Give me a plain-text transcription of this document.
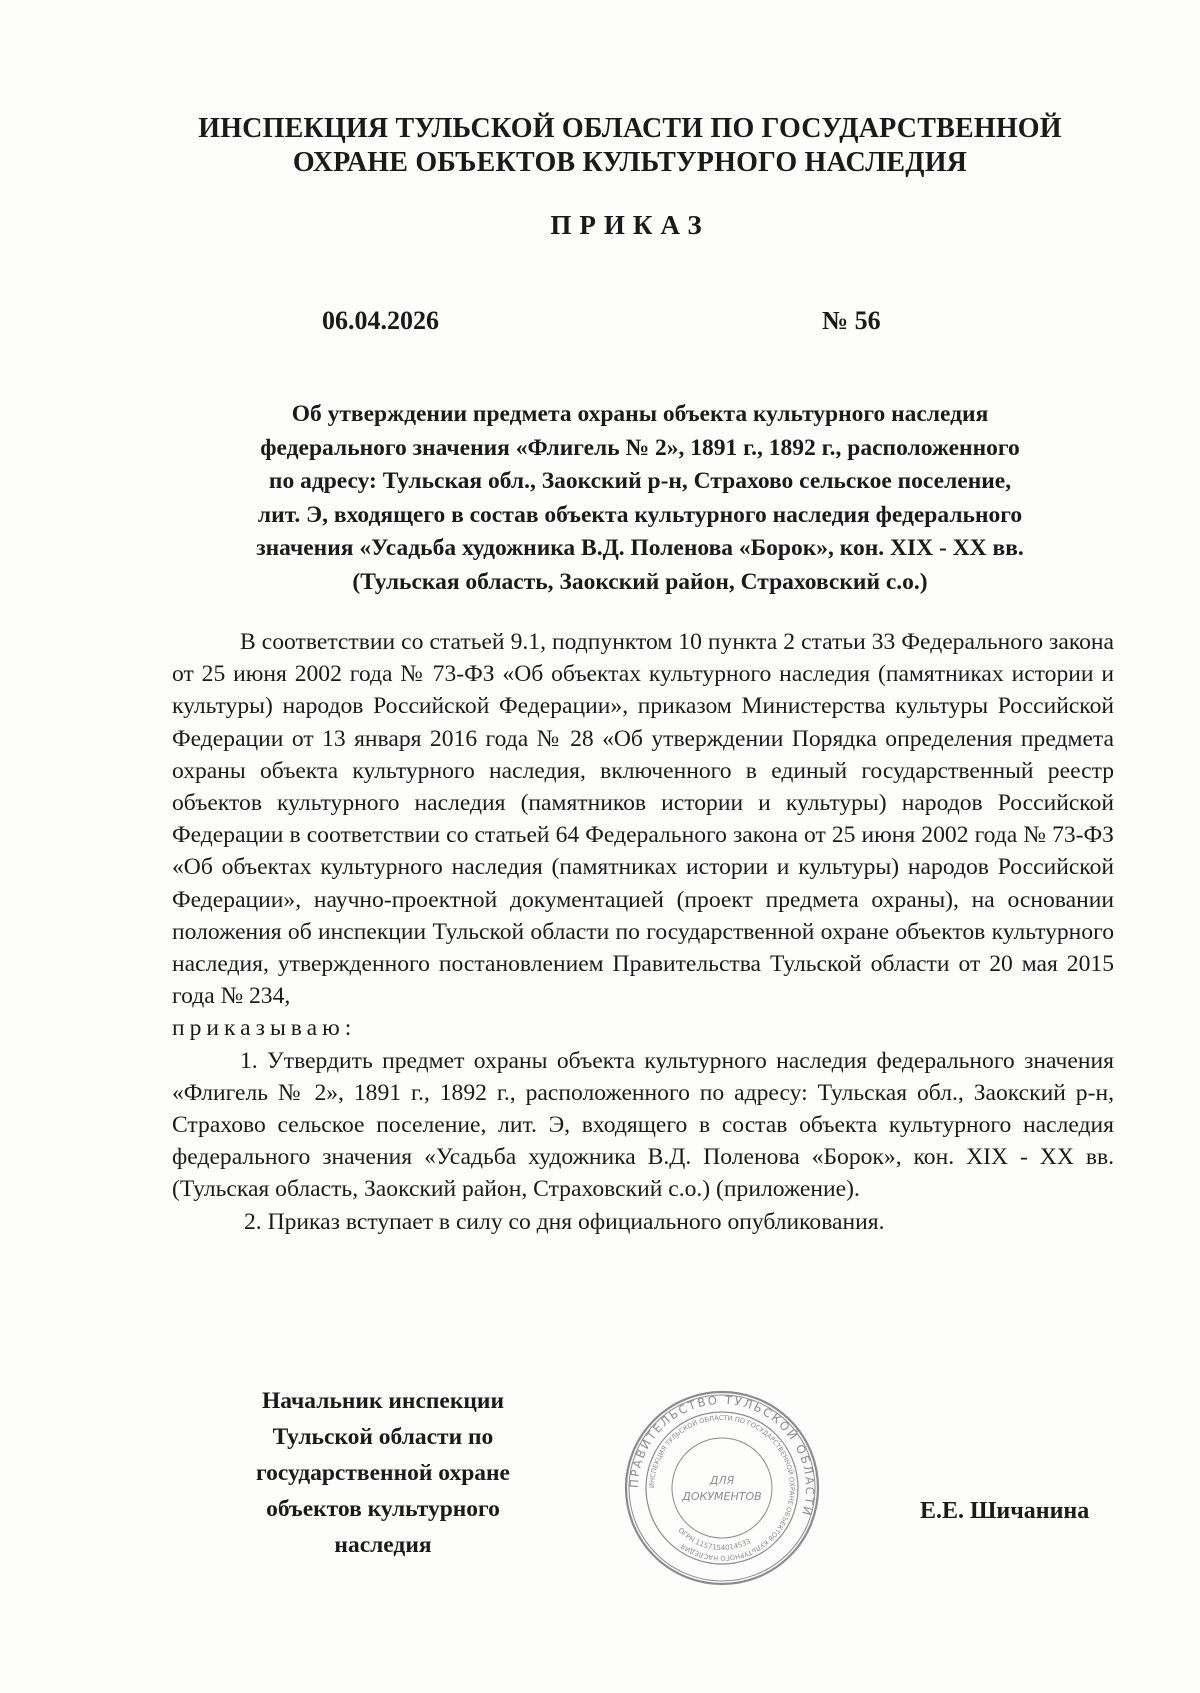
ИНСПЕКЦИЯ ТУЛЬСКОЙ ОБЛАСТИ ПО ГОСУДАРСТВЕННОЙ
ОХРАНЕ ОБЪЕКТОВ КУЛЬТУРНОГО НАСЛЕДИЯ
ПРИКАЗ
06.04.2026	№ 56
Об утверждении предмета охраны объекта культурного наследия
федерального значения «Флигель № 2», 1891 г., 1892 г., расположенного
по адресу: Тульская обл., Заокский р-н, Страхово сельское поселение,
лит. Э, входящего в состав объекта культурного наследия федерального
значения «Усадьба художника В.Д. Поленова «Борок», кон. XIX - XX вв.
(Тульская область, Заокский район, Страховский с.о.)

В соответствии со статьей 9.1, подпунктом 10 пункта 2 статьи 33 Федерального закона от 25 июня 2002 года № 73-ФЗ «Об объектах культурного наследия (памятниках истории и культуры) народов Российской Федерации», приказом Министерства культуры Российской Федерации от 13 января 2016 года № 28 «Об утверждении Порядка определения предмета охраны объекта культурного наследия, включенного в единый государственный реестр объектов культурного наследия (памятников истории и культуры) народов Российской Федерации в соответствии со статьей 64 Федерального закона от 25 июня 2002 года № 73-ФЗ «Об объектах культурного наследия (памятниках истории и культуры) народов Российской Федерации», научно-проектной документацией (проект предмета охраны), на основании положения об инспекции Тульской области по государственной охране объектов культурного наследия, утвержденного постановлением Правительства Тульской области от 20 мая 2015 года № 234,

приказываю:

1. Утвердить предмет охраны объекта культурного наследия федерального значения «Флигель № 2», 1891 г., 1892 г., расположенного по адресу: Тульская обл., Заокский р-н, Страхово сельское поселение, лит. Э, входящего в состав объекта культурного наследия федерального значения «Усадьба художника В.Д. Поленова «Борок», кон. XIX - XX вв. (Тульская область, Заокский район, Страховский с.о.) (приложение).

2. Приказ вступает в силу со дня официального опубликования.

Начальник инспекции
Тульской области по
государственной охране
объектов культурного
наследия
ПРАВИТЕЛЬСТВО ТУЛЬСКОЙ ОБЛАСТИ
ИНСПЕКЦИЯ ТУЛЬСКОЙ ОБЛАСТИ ПО ГОСУДАРСТВЕННОЙ ОХРАНЕ ОБЪЕКТОВ КУЛЬТУРНОГО НАСЛЕДИЯ
ДЛЯ
ДОКУМЕНТОВ
ОГРН 1157154014533
Е.Е. Шичанина
